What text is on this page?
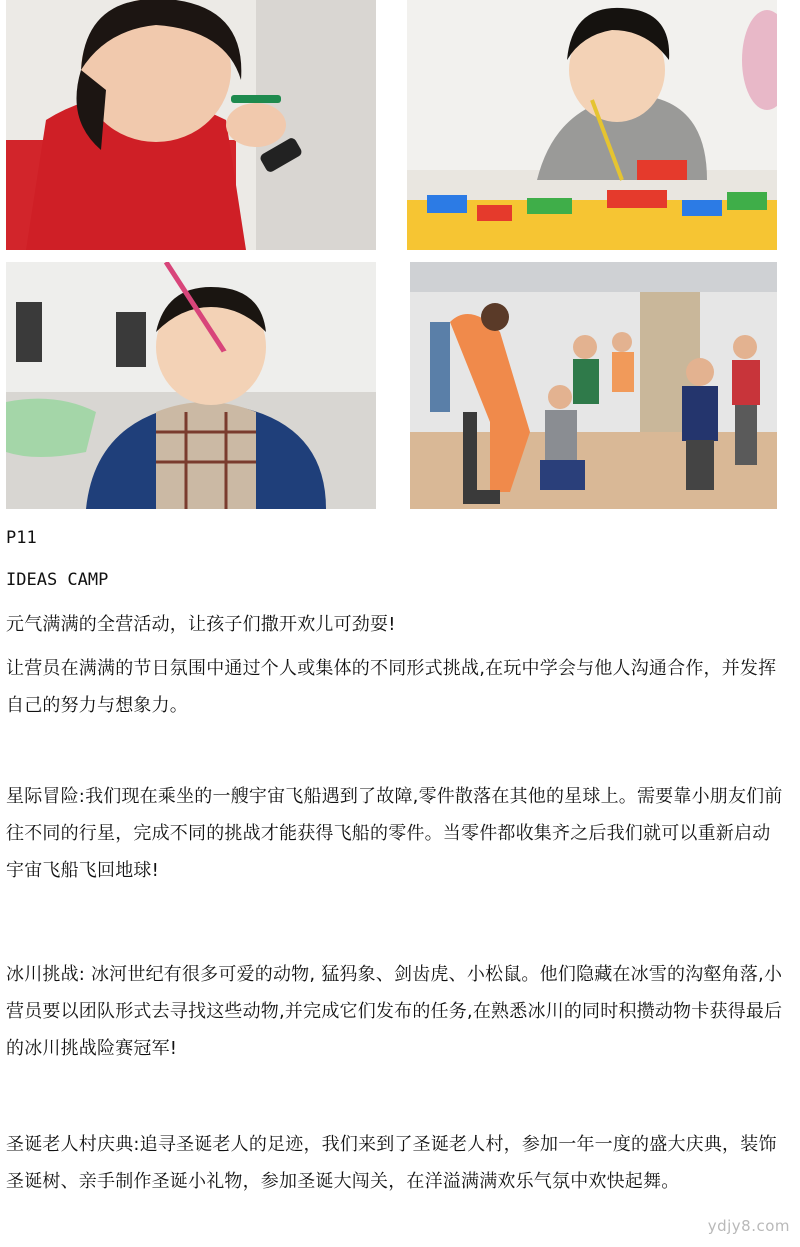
P11
IDEAS CAMP

元气满满的全营活动，让孩子们撒开欢儿可劲耍!

让营员在满满的节日氛围中通过个人或集体的不同形式挑战,在玩中学会与他人沟通合作，并发挥自己的努力与想象力。

星际冒险:我们现在乘坐的一艘宇宙飞船遇到了故障,零件散落在其他的星球上。需要靠小朋友们前往不同的行星，完成不同的挑战才能获得飞船的零件。当零件都收集齐之后我们就可以重新启动宇宙飞船飞回地球!

冰川挑战: 冰河世纪有很多可爱的动物, 猛犸象、剑齿虎、小松鼠。他们隐藏在冰雪的沟壑角落,小营员要以团队形式去寻找这些动物,并完成它们发布的任务,在熟悉冰川的同时积攒动物卡获得最后的冰川挑战险赛冠军!

圣诞老人村庆典:追寻圣诞老人的足迹，我们来到了圣诞老人村，参加一年一度的盛大庆典，装饰圣诞树、亲手制作圣诞小礼物，参加圣诞大闯关，在洋溢满满欢乐气氛中欢快起舞。

ydjy8.com
